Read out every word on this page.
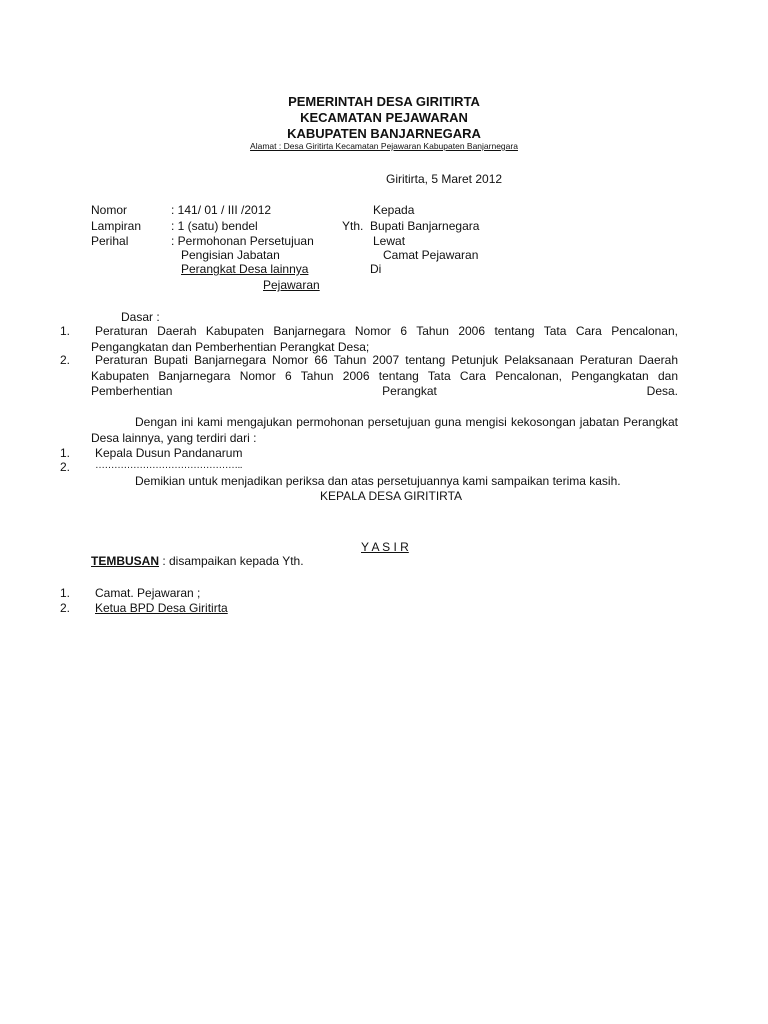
PEMERINTAH DESA GIRITIRTA
KECAMATAN PEJAWARAN
KABUPATEN BANJARNEGARA
Alamat : Desa Giritirta Kecamatan Pejawaran Kabupaten Banjarnegara
Giritirta, 5 Maret 2012
Nomor	: 141/ 01 / III /2012
Lampiran : 1 (satu) bendel
Perihal	: Permohonan Persetujuan
Pengisian Jabatan
Perangkat Desa lainnya
Kepada
Yth. Bupati Banjarnegara
Lewat
Camat Pejawaran
Di
Pejawaran
Dasar :
1.	Peraturan Daerah Kabupaten Banjarnegara Nomor 6 Tahun 2006 tentang Tata Cara Pencalonan, Pengangkatan dan Pemberhentian Perangkat Desa;
2.	Peraturan Bupati Banjarnegara Nomor 66 Tahun 2007 tentang Petunjuk Pelaksanaan Peraturan Daerah Kabupaten Banjarnegara Nomor 6 Tahun 2006 tentang Tata Cara Pencalonan, Pengangkatan dan Pemberhentian Perangkat Desa.
Dengan ini kami mengajukan permohonan persetujuan guna mengisi kekosongan jabatan Perangkat Desa lainnya, yang terdiri dari :
1. Kepala Dusun Pandanarum
2. ………………………………………..
Demikian untuk menjadikan periksa dan atas persetujuannya kami sampaikan terima kasih.
KEPALA DESA GIRITIRTA
Y A S I R
TEMBUSAN : disampaikan kepada Yth.
1. Camat. Pejawaran ;
2. Ketua BPD Desa Giritirta
